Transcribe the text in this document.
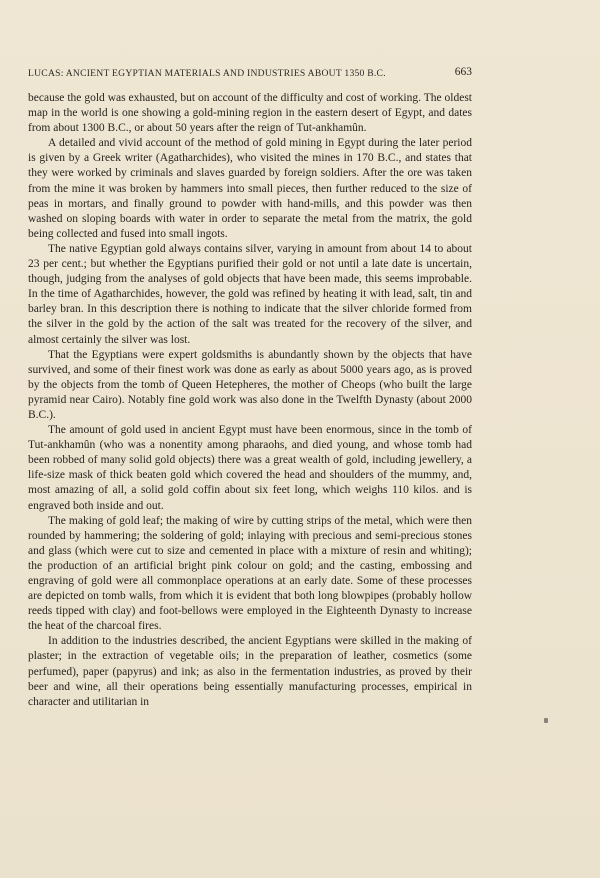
LUCAS: ANCIENT EGYPTIAN MATERIALS AND INDUSTRIES ABOUT 1350 B.C.	663

because the gold was exhausted, but on account of the difficulty and cost of working. The oldest map in the world is one showing a gold-mining region in the eastern desert of Egypt, and dates from about 1300 B.C., or about 50 years after the reign of Tut-ankhamûn.

A detailed and vivid account of the method of gold mining in Egypt during the later period is given by a Greek writer (Agatharchides), who visited the mines in 170 B.C., and states that they were worked by criminals and slaves guarded by foreign soldiers. After the ore was taken from the mine it was broken by hammers into small pieces, then further reduced to the size of peas in mortars, and finally ground to powder with hand-mills, and this powder was then washed on sloping boards with water in order to separate the metal from the matrix, the gold being collected and fused into small ingots.

The native Egyptian gold always contains silver, varying in amount from about 14 to about 23 per cent.; but whether the Egyptians purified their gold or not until a late date is uncertain, though, judging from the analyses of gold objects that have been made, this seems improbable. In the time of Agatharchides, however, the gold was refined by heating it with lead, salt, tin and barley bran. In this description there is nothing to indicate that the silver chloride formed from the silver in the gold by the action of the salt was treated for the recovery of the silver, and almost certainly the silver was lost.

That the Egyptians were expert goldsmiths is abundantly shown by the objects that have survived, and some of their finest work was done as early as about 5000 years ago, as is proved by the objects from the tomb of Queen Hetepheres, the mother of Cheops (who built the large pyramid near Cairo). Notably fine gold work was also done in the Twelfth Dynasty (about 2000 B.C.).

The amount of gold used in ancient Egypt must have been enormous, since in the tomb of Tut-ankhamûn (who was a nonentity among pharaohs, and died young, and whose tomb had been robbed of many solid gold objects) there was a great wealth of gold, including jewellery, a life-size mask of thick beaten gold which covered the head and shoulders of the mummy, and, most amazing of all, a solid gold coffin about six feet long, which weighs 110 kilos. and is engraved both inside and out.

The making of gold leaf; the making of wire by cutting strips of the metal, which were then rounded by hammering; the soldering of gold; inlaying with precious and semi-precious stones and glass (which were cut to size and cemented in place with a mixture of resin and whiting); the production of an artificial bright pink colour on gold; and the casting, embossing and engraving of gold were all commonplace operations at an early date. Some of these processes are depicted on tomb walls, from which it is evident that both long blowpipes (probably hollow reeds tipped with clay) and foot-bellows were employed in the Eighteenth Dynasty to increase the heat of the charcoal fires.

In addition to the industries described, the ancient Egyptians were skilled in the making of plaster; in the extraction of vegetable oils; in the preparation of leather, cosmetics (some perfumed), paper (papyrus) and ink; as also in the fermentation industries, as proved by their beer and wine, all their operations being essentially manufacturing processes, empirical in character and utilitarian in
